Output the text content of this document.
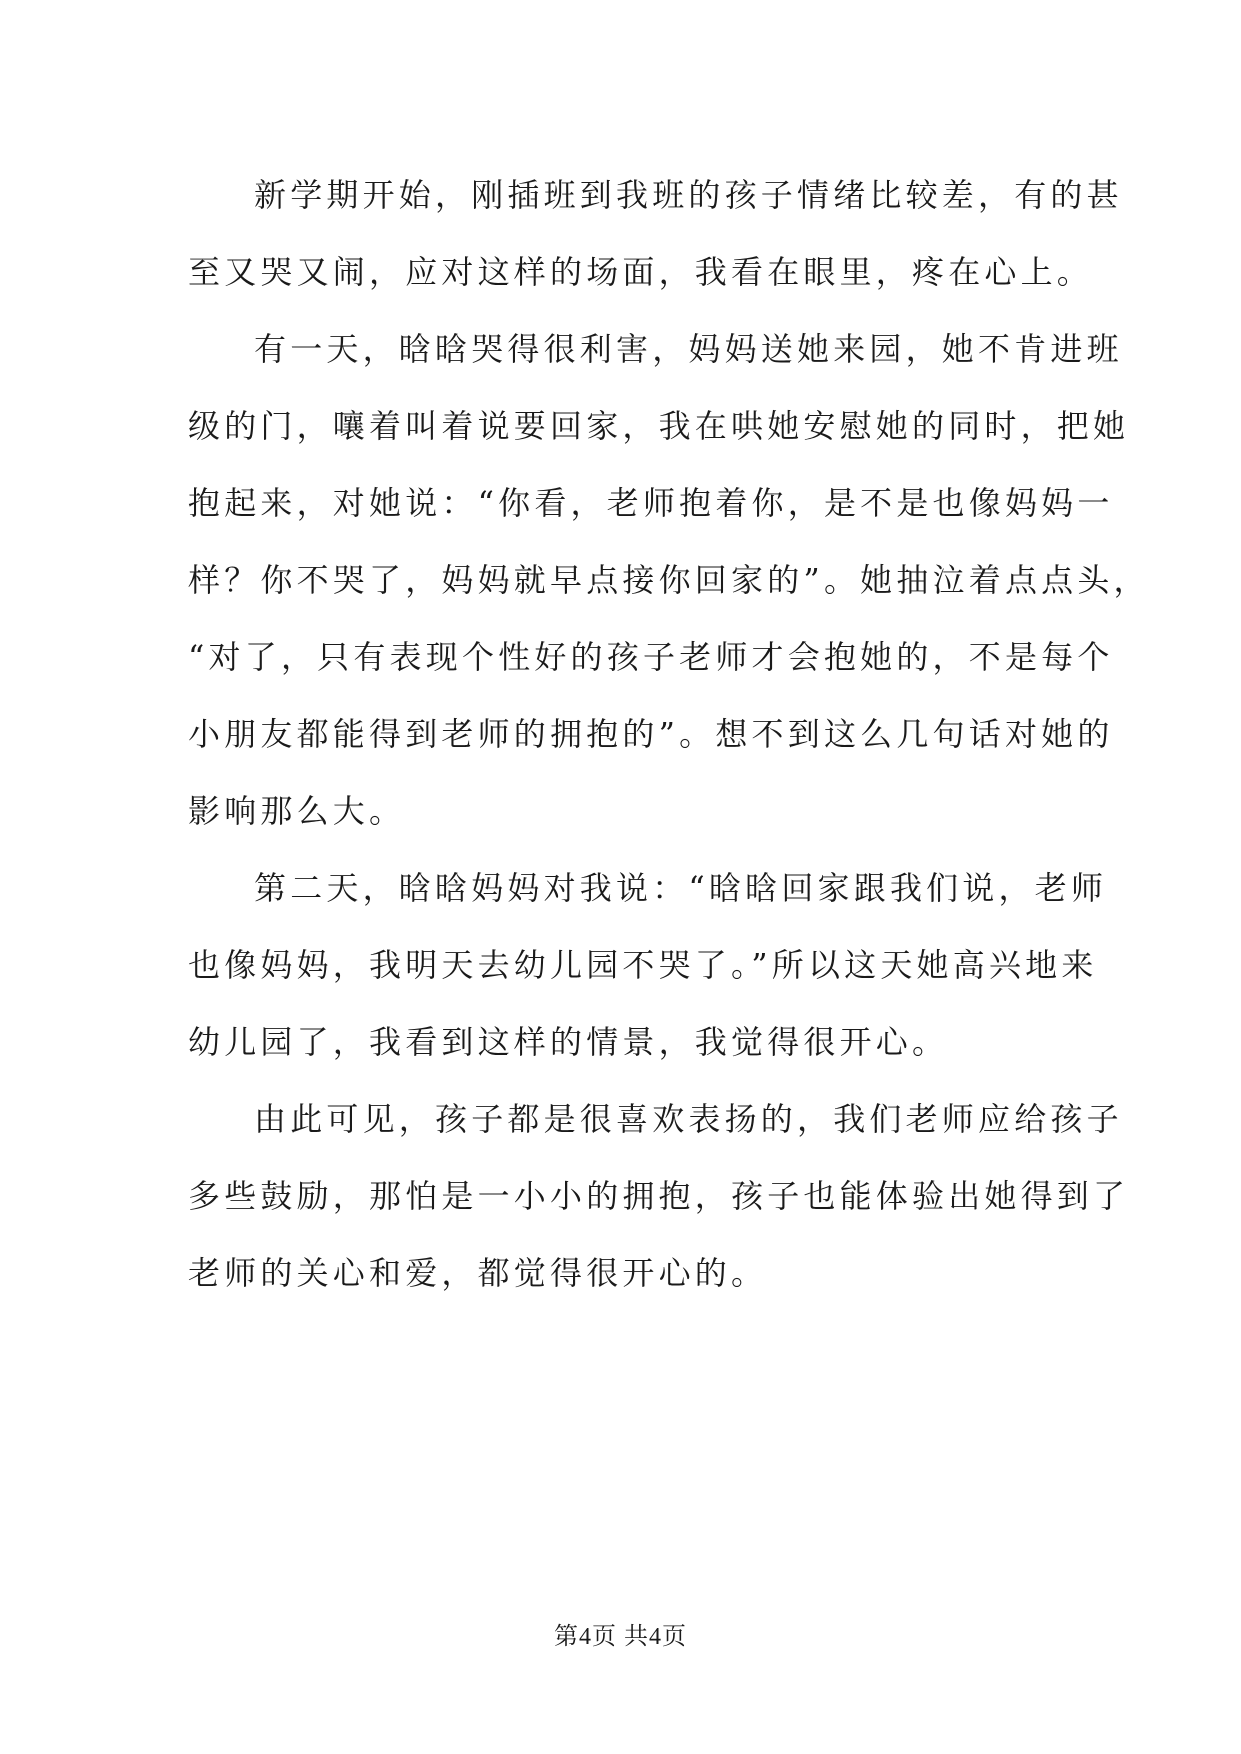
新学期开始，刚插班到我班的孩子情绪比较差，有的甚
至又哭又闹，应对这样的场面，我看在眼里，疼在心上。
有一天，晗晗哭得很利害，妈妈送她来园，她不肯进班
级的门，嚷着叫着说要回家，我在哄她安慰她的同时，把她
抱起来，对她说：“你看，老师抱着你，是不是也像妈妈一
样？你不哭了，妈妈就早点接你回家的”。她抽泣着点点头，
“对了，只有表现个性好的孩子老师才会抱她的，不是每个
小朋友都能得到老师的拥抱的”。想不到这么几句话对她的
影响那么大。
第二天，晗晗妈妈对我说：“晗晗回家跟我们说，老师
也像妈妈，我明天去幼儿园不哭了。”所以这天她高兴地来
幼儿园了，我看到这样的情景，我觉得很开心。
由此可见，孩子都是很喜欢表扬的，我们老师应给孩子
多些鼓励，那怕是一小小的拥抱，孩子也能体验出她得到了
老师的关心和爱，都觉得很开心的。
第4页 共4页
